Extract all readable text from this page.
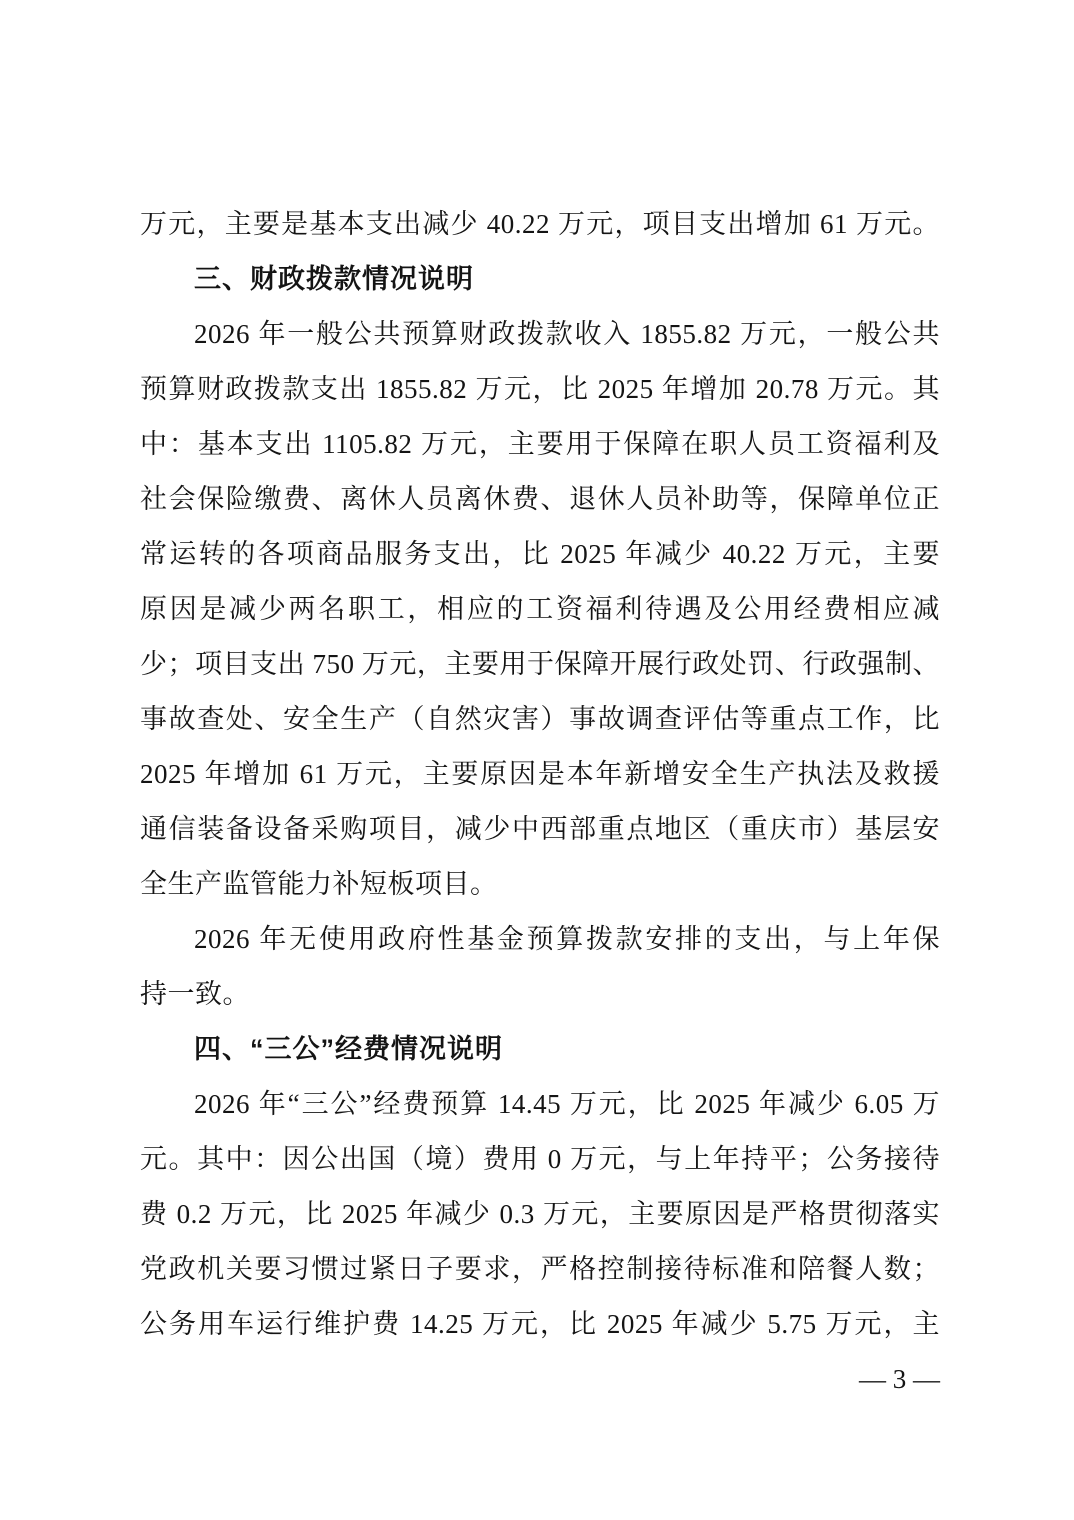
万元，主要是基本支出减少 40.22 万元，项目支出增加 61 万元。
三、财政拨款情况说明
2026 年一般公共预算财政拨款收入 1855.82 万元，一般公共
预算财政拨款支出 1855.82 万元，比 2025 年增加 20.78 万元。其
中：基本支出 1105.82 万元，主要用于保障在职人员工资福利及
社会保险缴费、离休人员离休费、退休人员补助等，保障单位正
常运转的各项商品服务支出，比 2025 年减少 40.22 万元，主要
原因是减少两名职工，相应的工资福利待遇及公用经费相应减
少；项目支出 750 万元，主要用于保障开展行政处罚、行政强制、
事故查处、安全生产（自然灾害）事故调查评估等重点工作，比
2025 年增加 61 万元，主要原因是本年新增安全生产执法及救援
通信装备设备采购项目，减少中西部重点地区（重庆市）基层安
全生产监管能力补短板项目。
2026 年无使用政府性基金预算拨款安排的支出，与上年保
持一致。
四、“三公”经费情况说明
2026 年“三公”经费预算 14.45 万元，比 2025 年减少 6.05 万
元。其中：因公出国（境）费用 0 万元，与上年持平；公务接待
费 0.2 万元，比 2025 年减少 0.3 万元，主要原因是严格贯彻落实
党政机关要习惯过紧日子要求，严格控制接待标准和陪餐人数；
公务用车运行维护费 14.25 万元，比 2025 年减少 5.75 万元，主
— 3 —
